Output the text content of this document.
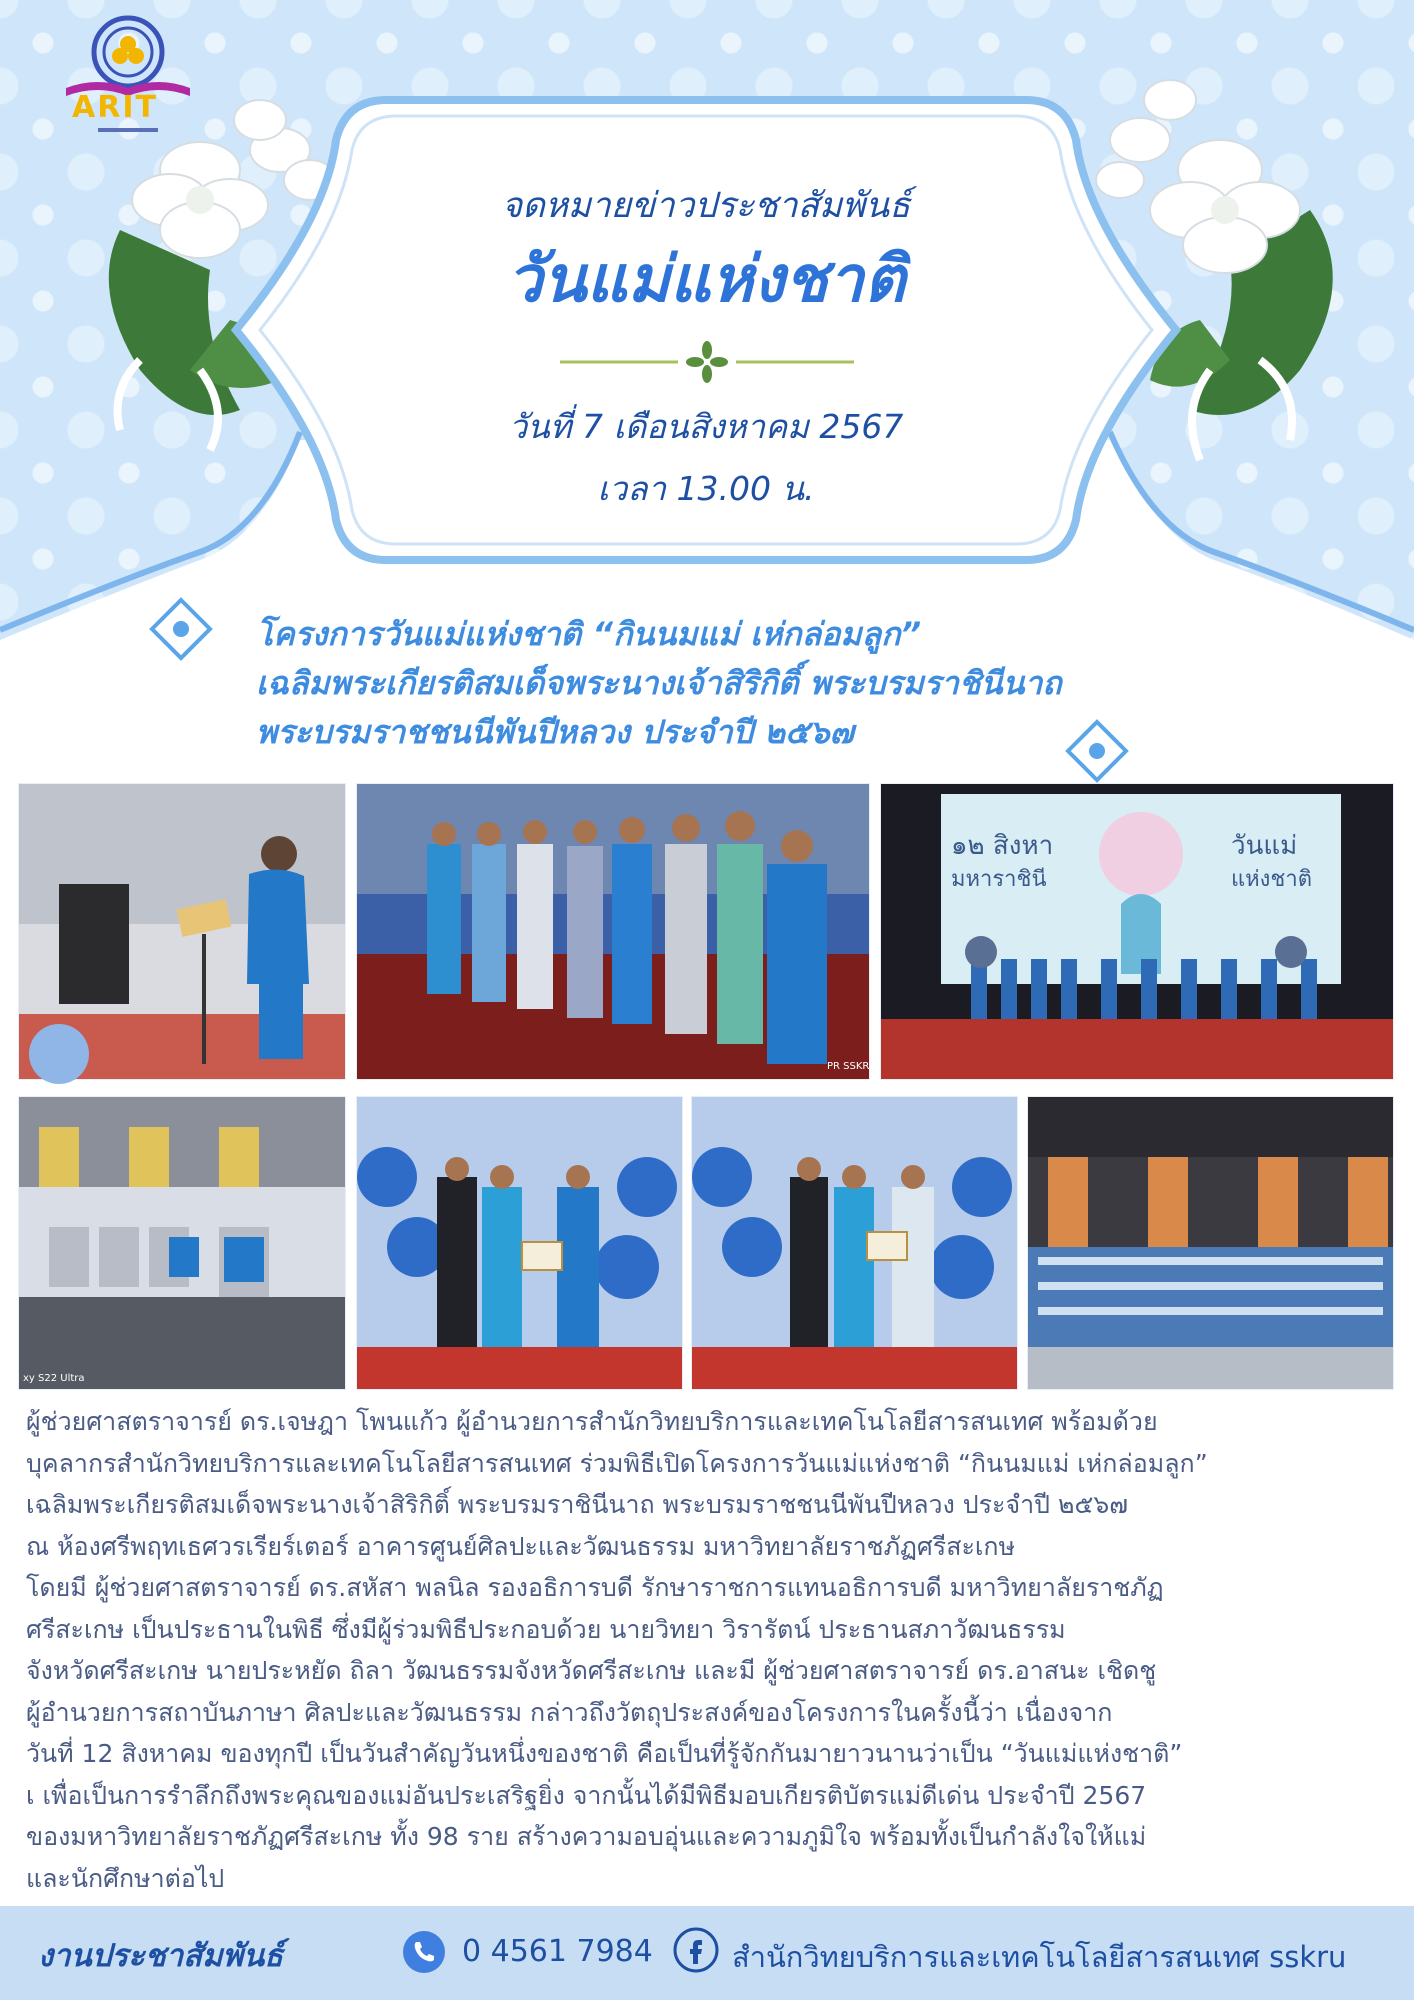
ARIT
จดหมายข่าวประชาสัมพันธ์
วันแม่แห่งชาติ
วันที่ 7 เดือนสิงหาคม 2567
เวลา 13.00 น.
โครงการวันแม่แห่งชาติ “กินนมแม่ เห่กล่อมลูก”
เฉลิมพระเกียรติสมเด็จพระนางเจ้าสิริกิติ์ พระบรมราชินีนาถ
พระบรมราชชนนีพันปีหลวง ประจำปี ๒๕๖๗
PR SSKRU
๑๒ สิงหา
มหาราชินี
วันแม่
แห่งชาติ
xy S22 Ultra
ผู้ช่วยศาสตราจารย์ ดร.เจษฎา โพนแก้ว ผู้อำนวยการสำนักวิทยบริการและเทคโนโลยีสารสนเทศ พร้อมด้วย
บุคลากรสำนักวิทยบริการและเทคโนโลยีสารสนเทศ ร่วมพิธีเปิดโครงการวันแม่แห่งชาติ “กินนมแม่ เห่กล่อมลูก”
เฉลิมพระเกียรติสมเด็จพระนางเจ้าสิริกิติ์ พระบรมราชินีนาถ พระบรมราชชนนีพันปีหลวง ประจำปี ๒๕๖๗
ณ ห้องศรีพฤทเธศวรเรียร์เตอร์ อาคารศูนย์ศิลปะและวัฒนธรรม มหาวิทยาลัยราชภัฏศรีสะเกษ
โดยมี ผู้ช่วยศาสตราจารย์ ดร.สหัสา พลนิล รองอธิการบดี รักษาราชการแทนอธิการบดี มหาวิทยาลัยราชภัฏ
ศรีสะเกษ เป็นประธานในพิธี ซึ่งมีผู้ร่วมพิธีประกอบด้วย นายวิทยา วิรารัตน์ ประธานสภาวัฒนธรรม
จังหวัดศรีสะเกษ นายประหยัด ถิลา วัฒนธรรมจังหวัดศรีสะเกษ และมี ผู้ช่วยศาสตราจารย์ ดร.อาสนะ เชิดชู
ผู้อำนวยการสถาบันภาษา ศิลปะและวัฒนธรรม กล่าวถึงวัตถุประสงค์ของโครงการในครั้งนี้ว่า เนื่องจาก
วันที่ 12 สิงหาคม ของทุกปี เป็นวันสำคัญวันหนึ่งของชาติ คือเป็นที่รู้จักกันมายาวนานว่าเป็น “วันแม่แห่งชาติ”
เ เพื่อเป็นการรำลึกถึงพระคุณของแม่อันประเสริฐยิ่ง จากนั้นได้มีพิธีมอบเกียรติบัตรแม่ดีเด่น ประจำปี 2567
ของมหาวิทยาลัยราชภัฏศรีสะเกษ ทั้ง 98 ราย สร้างความอบอุ่นและความภูมิใจ พร้อมทั้งเป็นกำลังใจให้แม่
และนักศึกษาต่อไป
งานประชาสัมพันธ์	0 4561 7984	สำนักวิทยบริการและเทคโนโลยีสารสนเทศ sskru
